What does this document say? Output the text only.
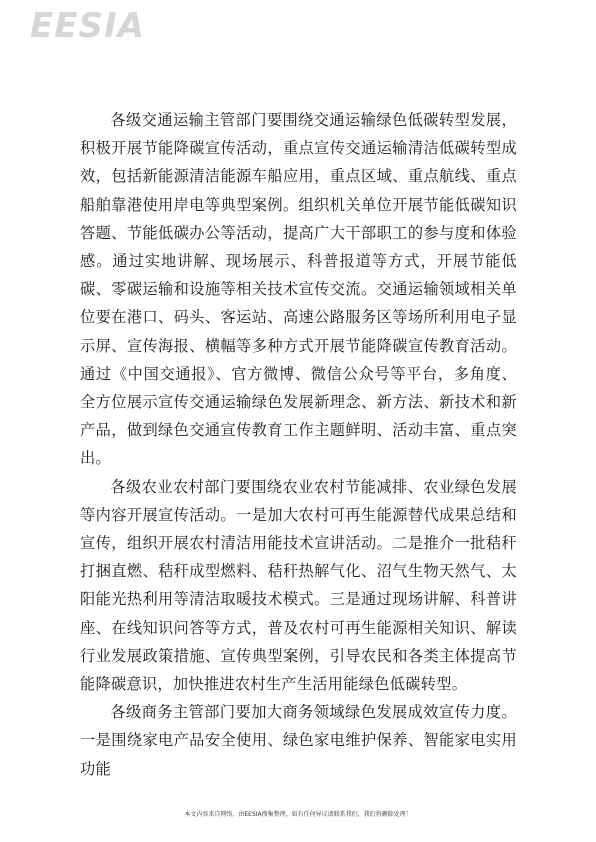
EESIA

各级交通运输主管部门要围绕交通运输绿色低碳转型发展，积极开展节能降碳宣传活动，重点宣传交通运输清洁低碳转型成效，包括新能源清洁能源车船应用，重点区域、重点航线、重点船舶靠港使用岸电等典型案例。组织机关单位开展节能低碳知识答题、节能低碳办公等活动，提高广大干部职工的参与度和体验感。通过实地讲解、现场展示、科普报道等方式，开展节能低碳、零碳运输和设施等相关技术宣传交流。交通运输领域相关单位要在港口、码头、客运站、高速公路服务区等场所利用电子显示屏、宣传海报、横幅等多种方式开展节能降碳宣传教育活动。通过《中国交通报》、官方微博、微信公众号等平台，多角度、全方位展示宣传交通运输绿色发展新理念、新方法、新技术和新产品，做到绿色交通宣传教育工作主题鲜明、活动丰富、重点突出。

各级农业农村部门要围绕农业农村节能减排、农业绿色发展等内容开展宣传活动。一是加大农村可再生能源替代成果总结和宣传，组织开展农村清洁用能技术宣讲活动。二是推介一批秸秆打捆直燃、秸秆成型燃料、秸秆热解气化、沼气生物天然气、太阳能光热利用等清洁取暖技术模式。三是通过现场讲解、科普讲座、在线知识问答等方式，普及农村可再生能源相关知识、解读行业发展政策措施、宣传典型案例，引导农民和各类主体提高节能降碳意识，加快推进农村生产生活用能绿色低碳转型。

各级商务主管部门要加大商务领域绿色发展成效宣传力度。一是围绕家电产品安全使用、绿色家电维护保养、智能家电实用功能

本文内容来自网络，由EESIA搜集整理，如有任何异议请联系我们，我们将删除处理！
